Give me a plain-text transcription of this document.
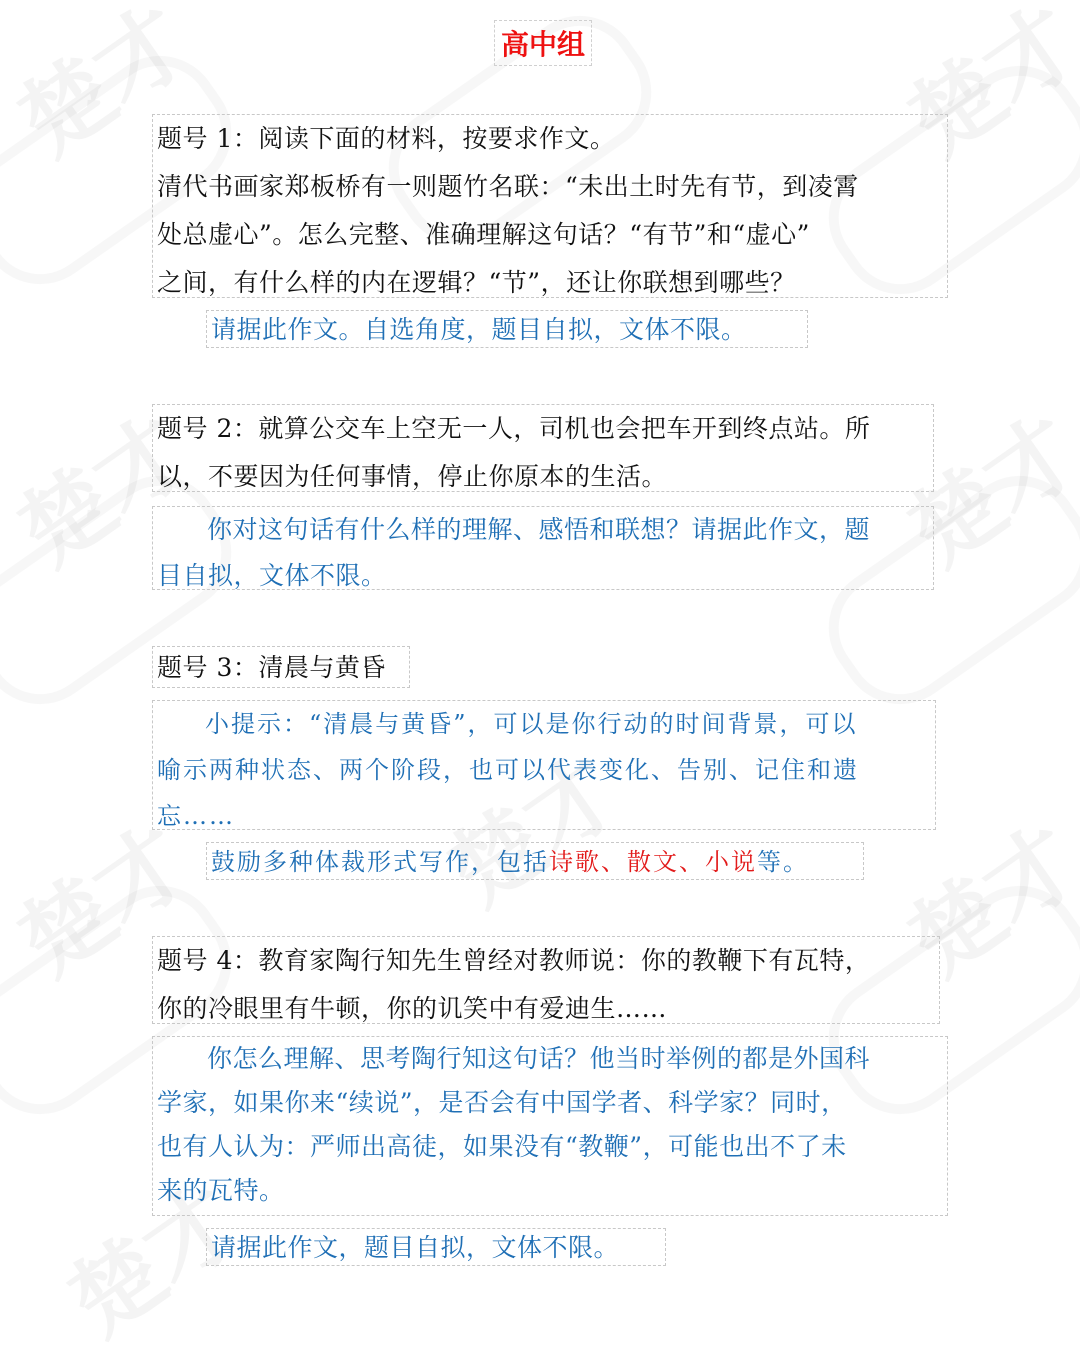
高中组
题号 1：阅读下面的材料，按要求作文。
清代书画家郑板桥有一则题竹名联：“未出土时先有节，到凌霄
处总虚心”。怎么完整、准确理解这句话？“有节”和“虚心”
之间，有什么样的内在逻辑？“节”，还让你联想到哪些？
请据此作文。自选角度，题目自拟，文体不限。
题号 2：就算公交车上空无一人，司机也会把车开到终点站。所
以，不要因为任何事情，停止你原本的生活。
你对这句话有什么样的理解、感悟和联想？请据此作文，题
目自拟，文体不限。
题号 3：清晨与黄昏
小提示：“清晨与黄昏”，可以是你行动的时间背景，可以
喻示两种状态、两个阶段，也可以代表变化、告别、记住和遗
忘……
鼓励多种体裁形式写作，包括诗歌、散文、小说等。
题号 4：教育家陶行知先生曾经对教师说：你的教鞭下有瓦特，
你的冷眼里有牛顿，你的讥笑中有爱迪生……
你怎么理解、思考陶行知这句话？他当时举例的都是外国科
学家，如果你来“续说”，是否会有中国学者、科学家？同时，
也有人认为：严师出高徒，如果没有“教鞭”，可能也出不了未
来的瓦特。
请据此作文，题目自拟，文体不限。
